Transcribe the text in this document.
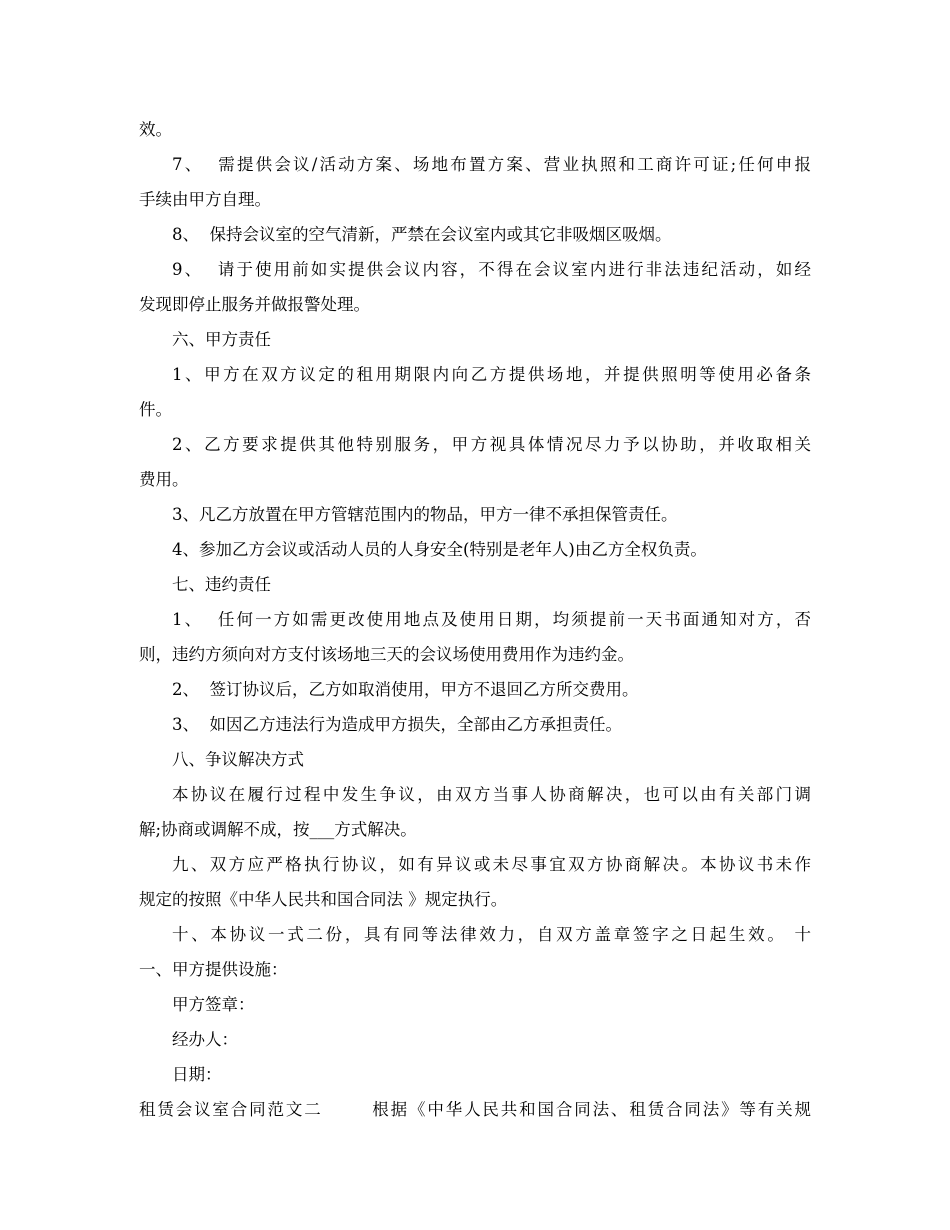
效。
7、  需提供会议/活动方案、场地布置方案、营业执照和工商许可证;任何申报
手续由甲方自理。
8、  保持会议室的空气清新，严禁在会议室内或其它非吸烟区吸烟。
9、  请于使用前如实提供会议内容，不得在会议室内进行非法违纪活动，如经
发现即停止服务并做报警处理。
六、甲方责任
1、甲方在双方议定的租用期限内向乙方提供场地，并提供照明等使用必备条
件。
2、乙方要求提供其他特别服务，甲方视具体情况尽力予以协助，并收取相关
费用。
3、凡乙方放置在甲方管辖范围内的物品，甲方一律不承担保管责任。
4、参加乙方会议或活动人员的人身安全(特别是老年人)由乙方全权负责。
七、违约责任
1、  任何一方如需更改使用地点及使用日期，均须提前一天书面通知对方，否
则，违约方须向对方支付该场地三天的会议场使用费用作为违约金。
2、  签订协议后，乙方如取消使用，甲方不退回乙方所交费用。
3、  如因乙方违法行为造成甲方损失，全部由乙方承担责任。
八、争议解决方式
本协议在履行过程中发生争议，由双方当事人协商解决，也可以由有关部门调
解;协商或调解不成，按___方式解决。
九、双方应严格执行协议，如有异议或未尽事宜双方协商解决。本协议书未作
规定的按照《中华人民共和国合同法 》规定执行。
十、本协议一式二份，具有同等法律效力，自双方盖章签字之日起生效。 十
一、甲方提供设施：
甲方签章：
经办人：
日期：
租赁会议室合同范文二       根据《中华人民共和国合同法、租赁合同法》等有关规
